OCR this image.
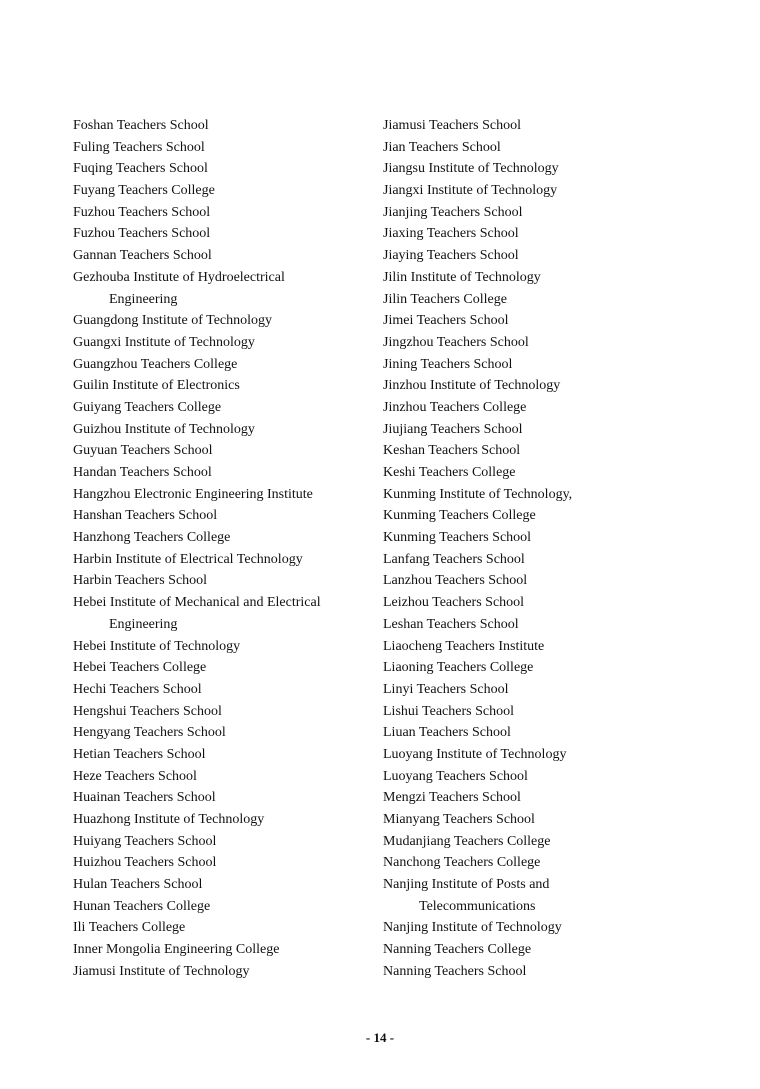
Foshan Teachers School
Fuling Teachers School
Fuqing Teachers School
Fuyang Teachers College
Fuzhou Teachers School
Fuzhou Teachers School
Gannan Teachers School
Gezhouba Institute of Hydroelectrical
Engineering
Guangdong Institute of Technology
Guangxi Institute of Technology
Guangzhou Teachers College
Guilin Institute of Electronics
Guiyang Teachers College
Guizhou Institute of Technology
Guyuan Teachers School
Handan Teachers School
Hangzhou Electronic Engineering Institute
Hanshan Teachers School
Hanzhong Teachers College
Harbin Institute of Electrical Technology
Harbin Teachers School
Hebei Institute of Mechanical and Electrical
Engineering
Hebei Institute of Technology
Hebei Teachers College
Hechi Teachers School
Hengshui Teachers School
Hengyang Teachers School
Hetian Teachers School
Heze Teachers School
Huainan Teachers School
Huazhong Institute of Technology
Huiyang Teachers School
Huizhou Teachers School
Hulan Teachers School
Hunan Teachers College
Ili Teachers College
Inner Mongolia Engineering College
Jiamusi Institute of Technology
Jiamusi Teachers School
Jian Teachers School
Jiangsu Institute of Technology
Jiangxi Institute of Technology
Jianjing Teachers School
Jiaxing Teachers School
Jiaying Teachers School
Jilin Institute of Technology
Jilin Teachers College
Jimei Teachers School
Jingzhou Teachers School
Jining Teachers School
Jinzhou Institute of Technology
Jinzhou Teachers College
Jiujiang Teachers School
Keshan Teachers School
Keshi Teachers College
Kunming Institute of Technology,
Kunming Teachers College
Kunming Teachers School
Lanfang Teachers School
Lanzhou Teachers School
Leizhou Teachers School
Leshan Teachers School
Liaocheng Teachers Institute
Liaoning Teachers College
Linyi Teachers School
Lishui Teachers School
Liuan Teachers School
Luoyang Institute of Technology
Luoyang Teachers School
Mengzi Teachers School
Mianyang Teachers School
Mudanjiang Teachers College
Nanchong Teachers College
Nanjing Institute of Posts and
Telecommunications
Nanjing Institute of Technology
Nanning Teachers College
Nanning Teachers School
- 14 -
